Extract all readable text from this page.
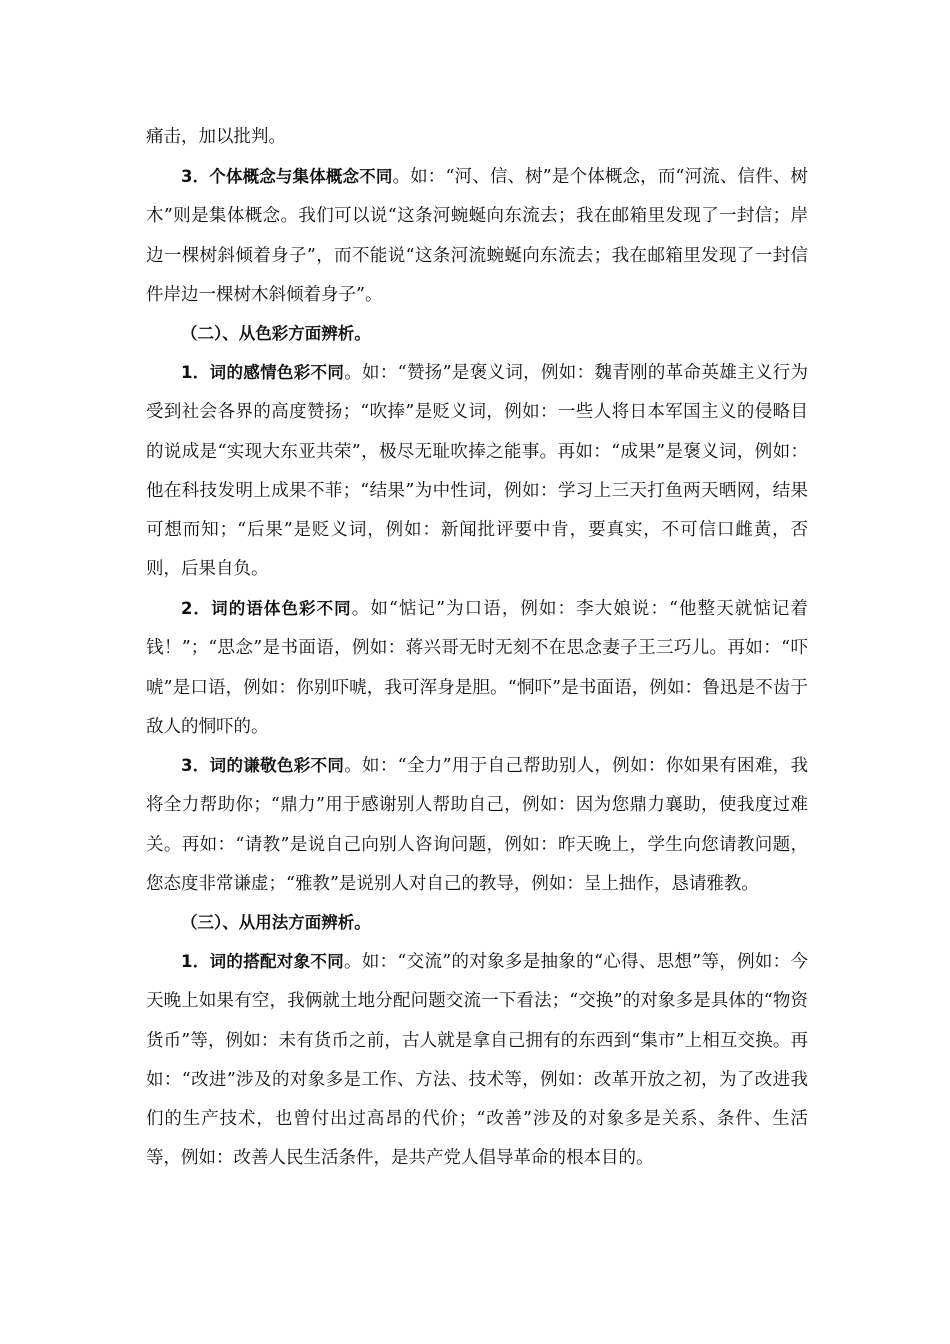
痛击，加以批判。

3．个体概念与集体概念不同。如：“河、信、树”是个体概念，而“河流、信件、树木”则是集体概念。我们可以说“这条河蜿蜒向东流去；我在邮箱里发现了一封信；岸边一棵树斜倾着身子”，而不能说“这条河流蜿蜒向东流去；我在邮箱里发现了一封信件岸边一棵树木斜倾着身子”。

（二）、从色彩方面辨析。

1．词的感情色彩不同。如：“赞扬”是褒义词，例如：魏青刚的革命英雄主义行为受到社会各界的高度赞扬；“吹捧”是贬义词，例如：一些人将日本军国主义的侵略目的说成是“实现大东亚共荣”，极尽无耻吹捧之能事。再如：“成果”是褒义词，例如：他在科技发明上成果不菲；“结果”为中性词，例如：学习上三天打鱼两天晒网，结果可想而知；“后果”是贬义词，例如：新闻批评要中肯，要真实，不可信口雌黄，否则，后果自负。

2．词的语体色彩不同。如“惦记”为口语，例如：李大娘说：“他整天就惦记着钱！”；“思念”是书面语，例如：蒋兴哥无时无刻不在思念妻子王三巧儿。再如：“吓唬”是口语，例如：你别吓唬，我可浑身是胆。“恫吓”是书面语，例如：鲁迅是不齿于敌人的恫吓的。

3．词的谦敬色彩不同。如：“全力”用于自己帮助别人，例如：你如果有困难，我将全力帮助你；“鼎力”用于感谢别人帮助自己，例如：因为您鼎力襄助，使我度过难关。再如：“请教”是说自己向别人咨询问题，例如：昨天晚上，学生向您请教问题，您态度非常谦虚；“雅教”是说别人对自己的教导，例如：呈上拙作，恳请雅教。

（三）、从用法方面辨析。

1．词的搭配对象不同。如：“交流”的对象多是抽象的“心得、思想”等，例如：今天晚上如果有空，我俩就土地分配问题交流一下看法；“交换”的对象多是具体的“物资货币”等，例如：未有货币之前，古人就是拿自己拥有的东西到“集市”上相互交换。再如：“改进”涉及的对象多是工作、方法、技术等，例如：改革开放之初，为了改进我们的生产技术，也曾付出过高昂的代价；“改善”涉及的对象多是关系、条件、生活等，例如：改善人民生活条件，是共产党人倡导革命的根本目的。
